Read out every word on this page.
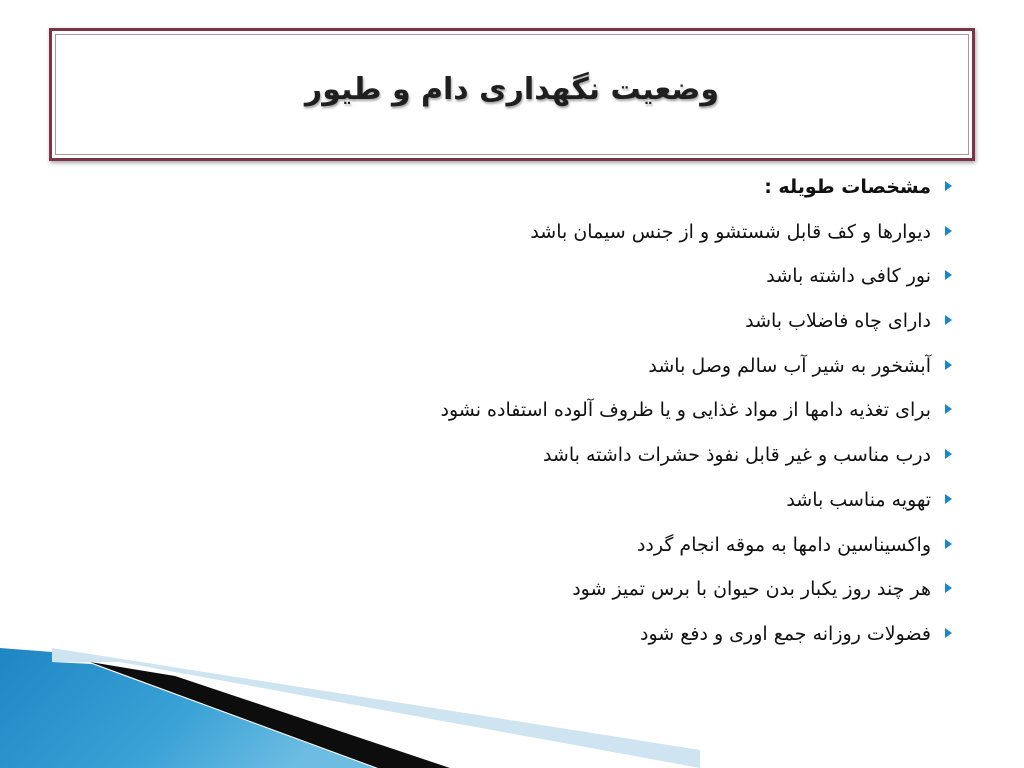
وضعیت نگهداری دام و طیور
مشخصات طویله :
دیوارها و کف قابل شستشو و از جنس سیمان باشد
نور کافی داشته باشد
دارای چاه فاضلاب باشد
آبشخور به شیر آب سالم وصل باشد
برای تغذیه دامها از مواد غذایی و یا ظروف آلوده استفاده نشود
درب مناسب و غیر قابل نفوذ حشرات داشته باشد
تهویه مناسب باشد
واکسیناسین دامها به موقه انجام گردد
هر چند روز یکبار بدن حیوان با برس تمیز شود
فضولات روزانه جمع اوری و دفع شود
